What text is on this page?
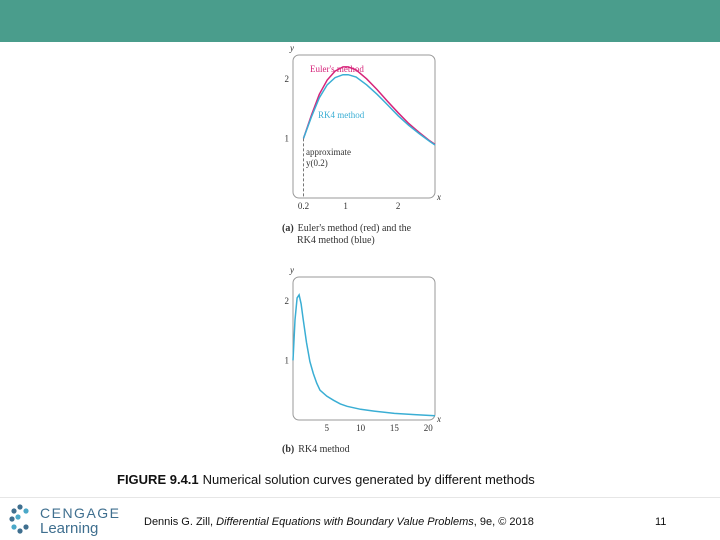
y
x
0.2	1	2
1
2
Euler's method
RK4 method
approximate
y(0.2)
y
x
5	10	15	20
1
2
(a) Euler's method (red) and the
RK4 method (blue)
(b) RK4 method
FIGURE 9.4.1 Numerical solution curves generated by different methods
CENGAGE
Learning	Dennis G. Zill, Differential Equations with Boundary Value Problems, 9e, © 2018	11
